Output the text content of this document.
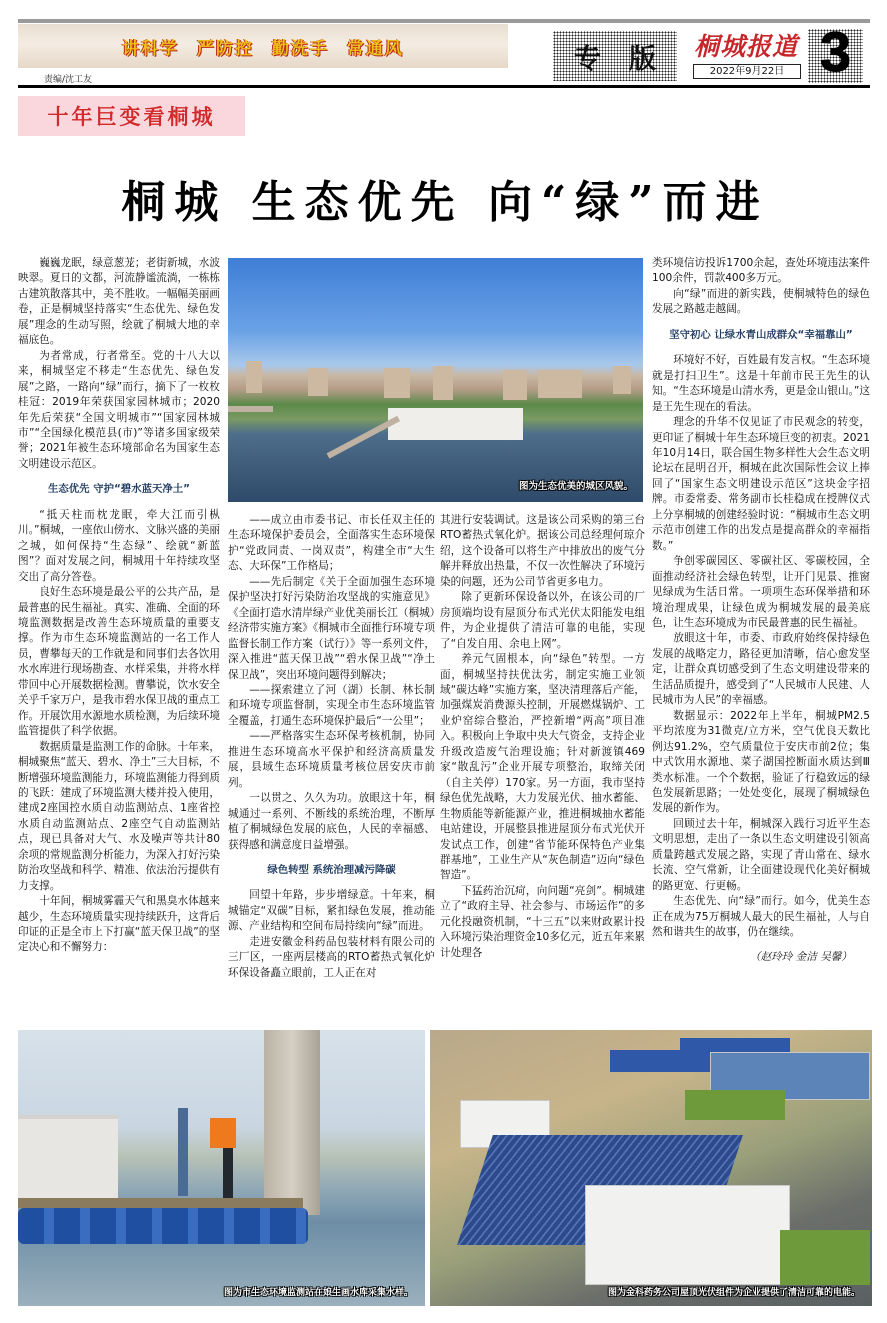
讲科学 严防控 勤洗手 常通风
责编/沈工友
专 版 桐城报道
2022年9月22日 3
十年巨变看桐城
桐城 生态优先 向“绿”而进
图为生态优美的城区风貌。

巍巍龙眠，绿意葱茏；老街新城，水波映翠。夏日的文都，河流静谧流淌，一栋栋古建筑散落其中，美不胜收。一幅幅美丽画卷，正是桐城坚持落实“生态优先、绿色发展”理念的生动写照，绘就了桐城大地的幸福底色。

为者常成，行者常至。党的十八大以来，桐城坚定不移走“生态优先、绿色发展”之路，一路向“绿”而行，摘下了一枚枚桂冠：2019年荣获国家园林城市；2020年先后荣获“全国文明城市”“国家园林城市”“全国绿化模范县(市)”等诸多国家级荣誉；2021年被生态环境部命名为国家生态文明建设示范区。

生态优先 守护“碧水蓝天净土”

“抵天柱而枕龙眠，牵大江而引枞川。”桐城，一座依山傍水、文脉兴盛的美丽之城，如何保持“生态绿”、绘就“新蓝图”？面对发展之问，桐城用十年持续攻坚交出了高分答卷。

良好生态环境是最公平的公共产品，是最普惠的民生福祉。真实、准确、全面的环境监测数据是改善生态环境质量的重要支撑。作为市生态环境监测站的一名工作人员，曹攀每天的工作就是和同事们去各饮用水水库进行现场勘查、水样采集，并将水样带回中心开展数据检测。曹攀说，饮水安全关乎千家万户，是我市碧水保卫战的重点工作。开展饮用水源地水质检测，为后续环境监管提供了科学依据。

数据质量是监测工作的命脉。十年来，桐城聚焦“蓝天、碧水、净土”三大目标，不断增强环境监测能力，环境监测能力得到质的飞跃：建成了环境监测大楼并投入使用，建成2座国控水质自动监测站点、1座省控水质自动监测站点、2座空气自动监测站点，现已具备对大气、水及噪声等共计80余项的常规监测分析能力，为深入打好污染防治攻坚战和科学、精准、依法治污提供有力支撑。

十年间，桐城雾霾天气和黑臭水体越来越少，生态环境质量实现持续跃升，这背后印证的正是全市上下打赢“蓝天保卫战”的坚定决心和不懈努力：

——成立由市委书记、市长任双主任的生态环境保护委员会，全面落实生态环境保护“党政同责、一岗双责”，构建全市“大生态、大环保”工作格局；

——先后制定《关于全面加强生态环境保护坚决打好污染防治攻坚战的实施意见》《全面打造水清岸绿产业优美丽长江（桐城）经济带实施方案》《桐城市全面推行环境专项监督长制工作方案（试行）》等一系列文件，深入推进“蓝天保卫战”“碧水保卫战”“净土保卫战”，突出环境问题得到解决；

——探索建立了河（湖）长制、林长制和环境专项监督制，实现全市生态环境监管全覆盖，打通生态环境保护最后“一公里”；

——严格落实生态环保考核机制，协同推进生态环境高水平保护和经济高质量发展，县域生态环境质量考核位居安庆市前列。

一以贯之、久久为功。放眼这十年，桐城通过一系列、不断线的系统治理，不断厚植了桐城绿色发展的底色，人民的幸福感、获得感和满意度日益增强。

绿色转型 系统治理减污降碳

回望十年路，步步增绿意。十年来，桐城锚定“双碳”目标，紧扣绿色发展，推动能源、产业结构和空间布局持续向“绿”而进。

走进安徽金科药品包装材料有限公司的三厂区，一座两层楼高的RTO蓄热式氧化炉环保设备矗立眼前，工人正在对

其进行安装调试。这是该公司采购的第三台RTO蓄热式氧化炉。据该公司总经理何琼介绍，这个设备可以将生产中排放出的废气分解并释放出热量，不仅一次性解决了环境污染的问题，还为公司节省更多电力。

除了更新环保设备以外，在该公司的厂房顶端均设有屋顶分布式光伏太阳能发电组件，为企业提供了清洁可靠的电能，实现了“自发自用、余电上网”。

养元气固根本，向“绿色”转型。一方面，桐城坚持扶优汰劣，制定实施工业领域“碳达峰”实施方案，坚决清理落后产能，加强煤炭消费源头控制，开展燃煤锅炉、工业炉窑综合整治，严控新增“两高”项目准入。积极向上争取中央大气资金，支持企业升级改造废气治理设施；针对新渡镇469家“散乱污”企业开展专项整治，取缔关闭（自主关停）170家。另一方面，我市坚持绿色优先战略，大力发展光伏、抽水蓄能、生物质能等新能源产业，推进桐城抽水蓄能电站建设，开展整县推进屋顶分布式光伏开发试点工作，创建“省节能环保特色产业集群基地”，工业生产从“灰色制造”迈向“绿色智造”。

下猛药治沉疴，向问题“亮剑”。桐城建立了“政府主导、社会参与、市场运作”的多元化投融资机制，“十三五”以来财政累计投入环境污染治理资金10多亿元，近五年来累计处理各

类环境信访投诉1700余起，查处环境违法案件100余件，罚款400多万元。

向“绿”而进的新实践，使桐城特色的绿色发展之路越走越阔。

坚守初心 让绿水青山成群众“幸福靠山”

环境好不好，百姓最有发言权。“生态环境就是打扫卫生”。这是十年前市民王先生的认知。“生态环境是山清水秀，更是金山银山。”这是王先生现在的看法。

理念的升华不仅见证了市民观念的转变，更印证了桐城十年生态环境巨变的初衷。2021年10月14日，联合国生物多样性大会生态文明论坛在昆明召开，桐城在此次国际性会议上捧回了“国家生态文明建设示范区”这块金字招牌。市委常委、常务副市长桂稳成在授牌仪式上分享桐城的创建经验时说：“桐城市生态文明示范市创建工作的出发点是提高群众的幸福指数。”

争创零碳园区、零碳社区、零碳校园，全面推动经济社会绿色转型，让开门见景、推窗见绿成为生活日常。一项项生态环保举措和环境治理成果，让绿色成为桐城发展的最美底色，让生态环境成为市民最普惠的民生福祉。

放眼这十年，市委、市政府始终保持绿色发展的战略定力，路径更加清晰，信心愈发坚定，让群众真切感受到了生态文明建设带来的生活品质提升，感受到了“人民城市人民建、人民城市为人民”的幸福感。

数据显示：2022年上半年，桐城PM2.5平均浓度为31微克/立方米，空气优良天数比例达91.2%，空气质量位于安庆市前2位；集中式饮用水源地、菜子湖国控断面水质达到Ⅲ类水标准。一个个数据，验证了行稳致远的绿色发展新思路；一处处变化，展现了桐城绿色发展的新作为。

回顾过去十年，桐城深入践行习近平生态文明思想，走出了一条以生态文明建设引领高质量跨越式发展之路，实现了青山常在、绿水长流、空气常新，让全面建设现代化美好桐城的路更宽、行更畅。

生态优先、向“绿”而行。如今，优美生态正在成为75万桐城人最大的民生福祉，人与自然和谐共生的故事，仍在继续。

（赵玲玲 金洁 吴馨）

图为市生态环境监测站在娘生画水库采集水样。	图为金科药务公司屋顶光伏组件为企业提供了清洁可靠的电能。
